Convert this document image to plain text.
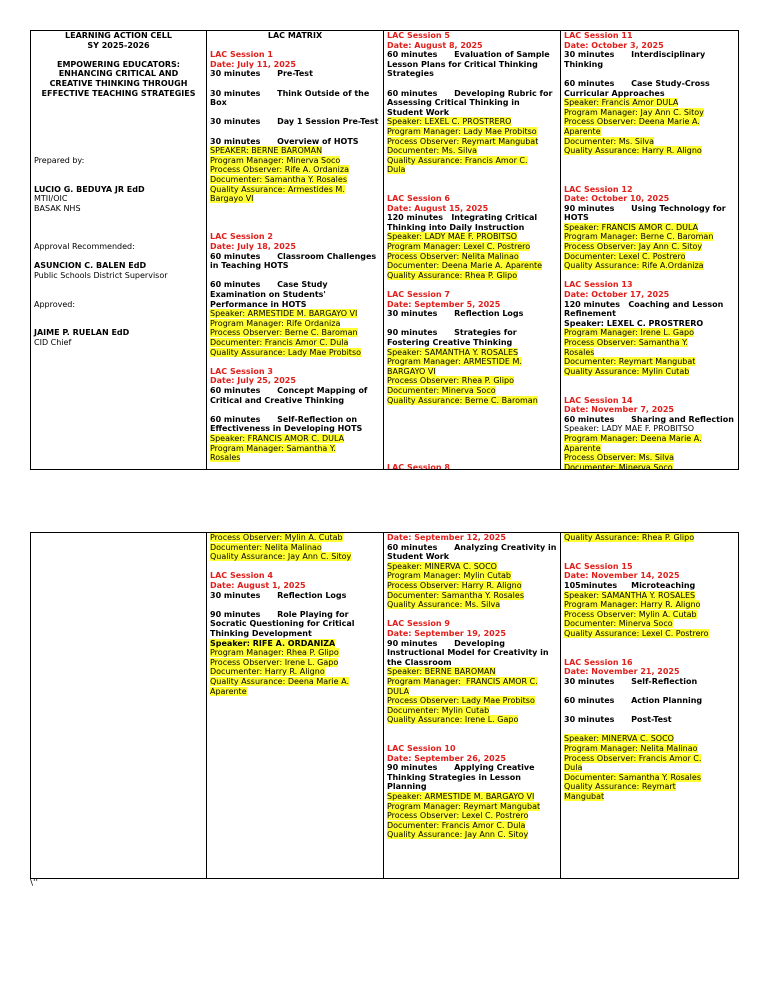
LEARNING ACTION CELL
SY 2025-2026
EMPOWERING EDUCATORS:
ENHANCING CRITICAL AND
CREATIVE THINKING THROUGH
EFFECTIVE TEACHING STRATEGIES
Prepared by:
LUCIO G. BEDUYA JR EdD
MTII/OIC
BASAK NHS
Approval Recommended:
ASUNCION C. BALEN EdD
Public Schools District Supervisor
Approved:
JAIME P. RUELAN EdD
CID Chief
LAC MATRIX
LAC Session 1
Date: July 11, 2025
30 minutes      Pre-Test
30 minutes      Think Outside of the
Box
30 minutes      Day 1 Session Pre-Test
30 minutes      Overview of HOTS
SPEAKER: BERNE BAROMAN
Program Manager: Minerva Soco
Process Observer: Rife A. Ordaniza
Documenter: Samantha Y. Rosales
Quality Assurance: Armestides M.
Bargayo VI
LAC Session 2
Date: July 18, 2025
60 minutes      Classroom Challenges
in Teaching HOTS
60 minutes      Case Study
Examination on Students'
Performance in HOTS
Speaker: ARMESTIDE M. BARGAYO VI
Program Manager: Rife Ordaniza
Process Observer: Berne C. Baroman
Documenter: Francis Amor C. Dula
Quality Assurance: Lady Mae Probitso
LAC Session 3
Date: July 25, 2025
60 minutes      Concept Mapping of
Critical and Creative Thinking
60 minutes      Self-Reflection on
Effectiveness in Developing HOTS
Speaker: FRANCIS AMOR C. DULA
Program Manager: Samantha Y.
Rosales
LAC Session 5
Date: August 8, 2025
60 minutes      Evaluation of Sample
Lesson Plans for Critical Thinking
Strategies
60 minutes      Developing Rubric for
Assessing Critical Thinking in
Student Work
Speaker: LEXEL C. PROSTRERO
Program Manager: Lady Mae Probitso
Process Observer: Reymart Mangubat
Documenter: Ms. Silva
Quality Assurance: Francis Amor C.
Dula
LAC Session 6
Date: August 15, 2025
120 minutes   Integrating Critical
Thinking into Daily Instruction
Speaker: LADY MAE F. PROBITSO
Program Manager: Lexel C. Postrero
Process Observer: Nelita Malinao
Documenter: Deena Marie A. Aparente
Quality Assurance: Rhea P. Glipo
LAC Session 7
Date: September 5, 2025
30 minutes      Reflection Logs
90 minutes      Strategies for
Fostering Creative Thinking
Speaker: SAMANTHA Y. ROSALES
Program Manager: ARMESTIDE M.
BARGAYO VI
Process Observer: Rhea P. Glipo
Documenter: Minerva Soco
Quality Assurance: Berne C. Baroman
LAC Session 8
LAC Session 11
Date: October 3, 2025
30 minutes      Interdisciplinary
Thinking
60 minutes      Case Study-Cross
Curricular Approaches
Speaker: Francis Amor DULA
Program Manager: Jay Ann C. Sitoy
Process Observer: Deena Marie A.
Aparente
Documenter: Ms. Silva
Quality Assurance: Harry R. Aligno
LAC Session 12
Date: October 10, 2025
90 minutes      Using Technology for
HOTS
Speaker: FRANCIS AMOR C. DULA
Program Manager: Berne C. Baroman
Process Observer: Jay Ann C. Sitoy
Documenter: Lexel C. Postrero
Quality Assurance: Rife A.Ordaniza
LAC Session 13
Date: October 17, 2025
120 minutes   Coaching and Lesson
Refinement
Speaker: LEXEL C. PROSTRERO
Program Manager: Irene L. Gapo
Process Observer: Samantha Y.
Rosales
Documenter: Reymart Mangubat
Quality Assurance: Mylin Cutab
LAC Session 14
Date: November 7, 2025
60 minutes      Sharing and Reflection
Speaker: LADY MAE F. PROBITSO
Program Manager: Deena Marie A.
Aparente
Process Observer: Ms. Silva
Documenter: Minerva Soco
Process Observer: Mylin A. Cutab
Documenter: Nelita Malinao
Quality Assurance: Jay Ann C. Sitoy
LAC Session 4
Date: August 1, 2025
30 minutes      Reflection Logs
90 minutes      Role Playing for
Socratic Questioning for Critical
Thinking Development
Speaker: RIFE A. ORDANIZA
Program Manager: Rhea P. Glipo
Process Observer: Irene L. Gapo
Documenter: Harry R. Aligno
Quality Assurance: Deena Marie A.
Aparente
Date: September 12, 2025
60 minutes      Analyzing Creativity in
Student Work
Speaker: MINERVA C. SOCO
Program Manager: Mylin Cutab
Process Observer: Harry R. Aligno
Documenter: Samantha Y. Rosales
Quality Assurance: Ms. Silva
LAC Session 9
Date: September 19, 2025
90 minutes      Developing
Instructional Model for Creativity in
the Classroom
Speaker: BERNE BAROMAN
Program Manager:  FRANCIS AMOR C.
DULA
Process Observer: Lady Mae Probitso
Documenter: Mylin Cutab
Quality Assurance: Irene L. Gapo
LAC Session 10
Date: September 26, 2025
90 minutes      Applying Creative
Thinking Strategies in Lesson
Planning
Speaker: ARMESTIDE M. BARGAYO VI
Program Manager: Reymart Mangubat
Process Observer: Lexel C. Postrero
Documenter: Francis Amor C. Dula
Quality Assurance: Jay Ann C. Sitoy
Quality Assurance: Rhea P. Glipo
LAC Session 15
Date: November 14, 2025
105minutes     Microteaching
Speaker: SAMANTHA Y. ROSALES
Program Manager: Harry R. Aligno
Process Observer: Mylin A. Cutab
Documenter: Minerva Soco
Quality Assurance: Lexel C. Postrero
LAC Session 16
Date: November 21, 2025
30 minutes      Self-Reflection
60 minutes      Action Planning
30 minutes      Post-Test
Speaker: MINERVA C. SOCO
Program Manager: Nelita Malinao
Process Observer: Francis Amor C.
Dula
Documenter: Samantha Y. Rosales
Quality Assurance: Reymart
Mangubat
\''
